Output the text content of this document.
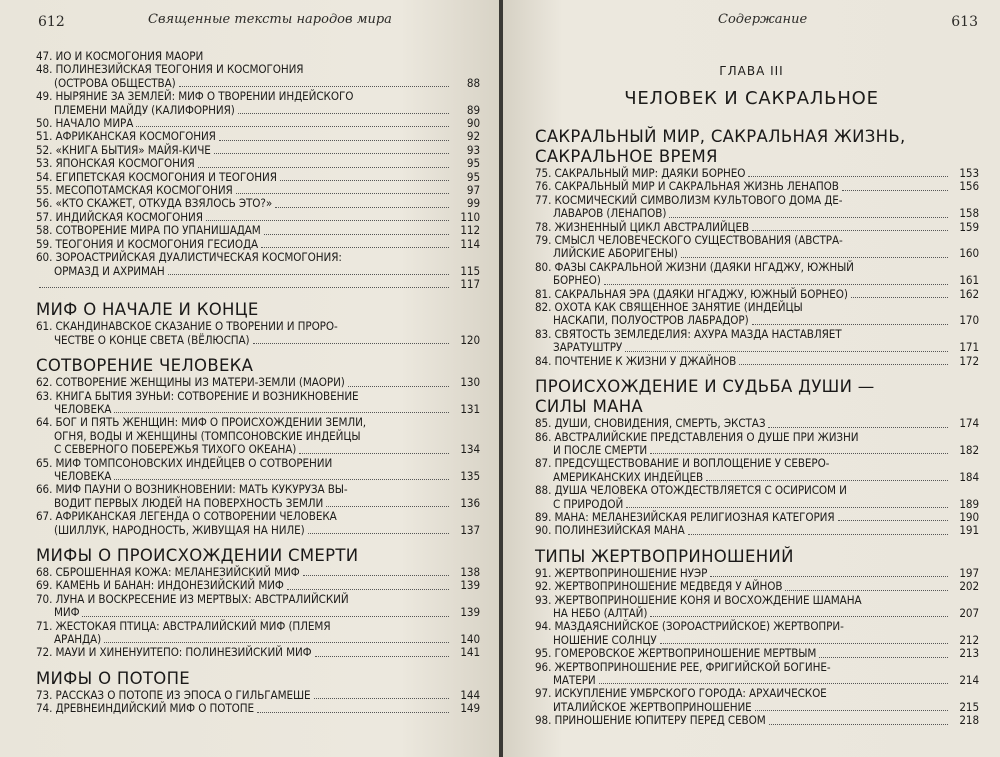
612	Священные тексты народов мира
47. ИО И КОСМОГОНИЯ МАОРИ
48. ПОЛИНЕЗИЙСКАЯ ТЕОГОНИЯ И КОСМОГОНИЯ
(ОСТРОВА ОБЩЕСТВА)	88
49. НЫРЯНИЕ ЗА ЗЕМЛЕЙ: МИФ О ТВОРЕНИИ ИНДЕЙСКОГО
ПЛЕМЕНИ МАЙДУ (КАЛИФОРНИЯ)	89
50. НАЧАЛО МИРА	90
51. АФРИКАНСКАЯ КОСМОГОНИЯ	92
52. «КНИГА БЫТИЯ» МАЙЯ-КИЧЕ	93
53. ЯПОНСКАЯ КОСМОГОНИЯ	95
54. ЕГИПЕТСКАЯ КОСМОГОНИЯ И ТЕОГОНИЯ	95
55. МЕСОПОТАМСКАЯ КОСМОГОНИЯ	97
56. «КТО СКАЖЕТ, ОТКУДА ВЗЯЛОСЬ ЭТО?»	99
57. ИНДИЙСКАЯ КОСМОГОНИЯ	110
58. СОТВОРЕНИЕ МИРА ПО УПАНИШАДАМ	112
59. ТЕОГОНИЯ И КОСМОГОНИЯ ГЕСИОДА	114
60. ЗОРОАСТРИЙСКАЯ ДУАЛИСТИЧЕСКАЯ КОСМОГОНИЯ:
ОРМАЗД И АХРИМАН	115
117
МИФ О НАЧАЛЕ И КОНЦЕ
61. СКАНДИНАВСКОЕ СКАЗАНИЕ О ТВОРЕНИИ И ПРОРО-
ЧЕСТВЕ О КОНЦЕ СВЕТА (ВЁЛЮСПА)	120
СОТВОРЕНИЕ ЧЕЛОВЕКА
62. СОТВОРЕНИЕ ЖЕНЩИНЫ ИЗ МАТЕРИ-ЗЕМЛИ (МАОРИ)	130
63. КНИГА БЫТИЯ ЗУНЬИ: СОТВОРЕНИЕ И ВОЗНИКНОВЕНИЕ
ЧЕЛОВЕКА	131
64. БОГ И ПЯТЬ ЖЕНЩИН: МИФ О ПРОИСХОЖДЕНИИ ЗЕМЛИ,
ОГНЯ, ВОДЫ И ЖЕНЩИНЫ (ТОМПСОНОВСКИЕ ИНДЕЙЦЫ
С СЕВЕРНОГО ПОБЕРЕЖЬЯ ТИХОГО ОКЕАНА)	134
65. МИФ ТОМПСОНОВСКИХ ИНДЕЙЦЕВ О СОТВОРЕНИИ
ЧЕЛОВЕКА	135
66. МИФ ПАУНИ О ВОЗНИКНОВЕНИИ: МАТЬ КУКУРУЗА ВЫ-
ВОДИТ ПЕРВЫХ ЛЮДЕЙ НА ПОВЕРХНОСТЬ ЗЕМЛИ	136
67. АФРИКАНСКАЯ ЛЕГЕНДА О СОТВОРЕНИИ ЧЕЛОВЕКА
(ШИЛЛУК, НАРОДНОСТЬ, ЖИВУЩАЯ НА НИЛЕ)	137
МИФЫ О ПРОИСХОЖДЕНИИ СМЕРТИ
68. СБРОШЕННАЯ КОЖА: МЕЛАНЕЗИЙСКИЙ МИФ	138
69. КАМЕНЬ И БАНАН: ИНДОНЕЗИЙСКИЙ МИФ	139
70. ЛУНА И ВОСКРЕСЕНИЕ ИЗ МЕРТВЫХ: АВСТРАЛИЙСКИЙ
МИФ	139
71. ЖЕСТОКАЯ ПТИЦА: АВСТРАЛИЙСКИЙ МИФ (ПЛЕМЯ
АРАНДА)	140
72. МАУИ И ХИНЕНУИТЕПО: ПОЛИНЕЗИЙСКИЙ МИФ	141
МИФЫ О ПОТОПЕ
73. РАССКАЗ О ПОТОПЕ ИЗ ЭПОСА О ГИЛЬГАМЕШЕ	144
74. ДРЕВНЕИНДИЙСКИЙ МИФ О ПОТОПЕ	149
Содержание	613
ГЛАВА III
ЧЕЛОВЕК И САКРАЛЬНОЕ
САКРАЛЬНЫЙ МИР, САКРАЛЬНАЯ ЖИЗНЬ,
САКРАЛЬНОЕ ВРЕМЯ
75. САКРАЛЬНЫЙ МИР: ДАЯКИ БОРНЕО	153
76. САКРАЛЬНЫЙ МИР И САКРАЛЬНАЯ ЖИЗНЬ ЛЕНАПОВ	156
77. КОСМИЧЕСКИЙ СИМВОЛИЗМ КУЛЬТОВОГО ДОМА ДЕ-
ЛАВАРОВ (ЛЕНАПОВ)	158
78. ЖИЗНЕННЫЙ ЦИКЛ АВСТРАЛИЙЦЕВ	159
79. СМЫСЛ ЧЕЛОВЕЧЕСКОГО СУЩЕСТВОВАНИЯ (АВСТРА-
ЛИЙСКИЕ АБОРИГЕНЫ)	160
80. ФАЗЫ САКРАЛЬНОЙ ЖИЗНИ (ДАЯКИ НГАДЖУ, ЮЖНЫЙ
БОРНЕО)	161
81. САКРАЛЬНАЯ ЭРА (ДАЯКИ НГАДЖУ, ЮЖНЫЙ БОРНЕО)	162
82. ОХОТА КАК СВЯЩЕННОЕ ЗАНЯТИЕ (ИНДЕЙЦЫ
НАСКАПИ, ПОЛУОСТРОВ ЛАБРАДОР)	170
83. СВЯТОСТЬ ЗЕМЛЕДЕЛИЯ: АХУРА МАЗДА НАСТАВЛЯЕТ
ЗАРАТУШТРУ	171
84. ПОЧТЕНИЕ К ЖИЗНИ У ДЖАЙНОВ	172
ПРОИСХОЖДЕНИЕ И СУДЬБА ДУШИ —
СИЛЫ МАНА
85. ДУШИ, СНОВИДЕНИЯ, СМЕРТЬ, ЭКСТАЗ	174
86. АВСТРАЛИЙСКИЕ ПРЕДСТАВЛЕНИЯ О ДУШЕ ПРИ ЖИЗНИ
И ПОСЛЕ СМЕРТИ	182
87. ПРЕДСУЩЕСТВОВАНИЕ И ВОПЛОЩЕНИЕ У СЕВЕРО-
АМЕРИКАНСКИХ ИНДЕЙЦЕВ	184
88. ДУША ЧЕЛОВЕКА ОТОЖДЕСТВЛЯЕТСЯ С ОСИРИСОМ И
С ПРИРОДОЙ	189
89. МАНА: МЕЛАНЕЗИЙСКАЯ РЕЛИГИОЗНАЯ КАТЕГОРИЯ	190
90. ПОЛИНЕЗИЙСКАЯ МАНА	191
ТИПЫ ЖЕРТВОПРИНОШЕНИЙ
91. ЖЕРТВОПРИНОШЕНИЕ НУЭР	197
92. ЖЕРТВОПРИНОШЕНИЕ МЕДВЕДЯ У АЙНОВ	202
93. ЖЕРТВОПРИНОШЕНИЕ КОНЯ И ВОСХОЖДЕНИЕ ШАМАНА
НА НЕБО (АЛТАЙ)	207
94. МАЗДАЯСНИЙСКОЕ (ЗОРОАСТРИЙСКОЕ) ЖЕРТВОПРИ-
НОШЕНИЕ СОЛНЦУ	212
95. ГОМЕРОВСКОЕ ЖЕРТВОПРИНОШЕНИЕ МЕРТВЫМ	213
96. ЖЕРТВОПРИНОШЕНИЕ РЕЕ, ФРИГИЙСКОЙ БОГИНЕ-
МАТЕРИ	214
97. ИСКУПЛЕНИЕ УМБРСКОГО ГОРОДА: АРХАИЧЕСКОЕ
ИТАЛИЙСКОЕ ЖЕРТВОПРИНОШЕНИЕ	215
98. ПРИНОШЕНИЕ ЮПИТЕРУ ПЕРЕД СЕВОМ	218
